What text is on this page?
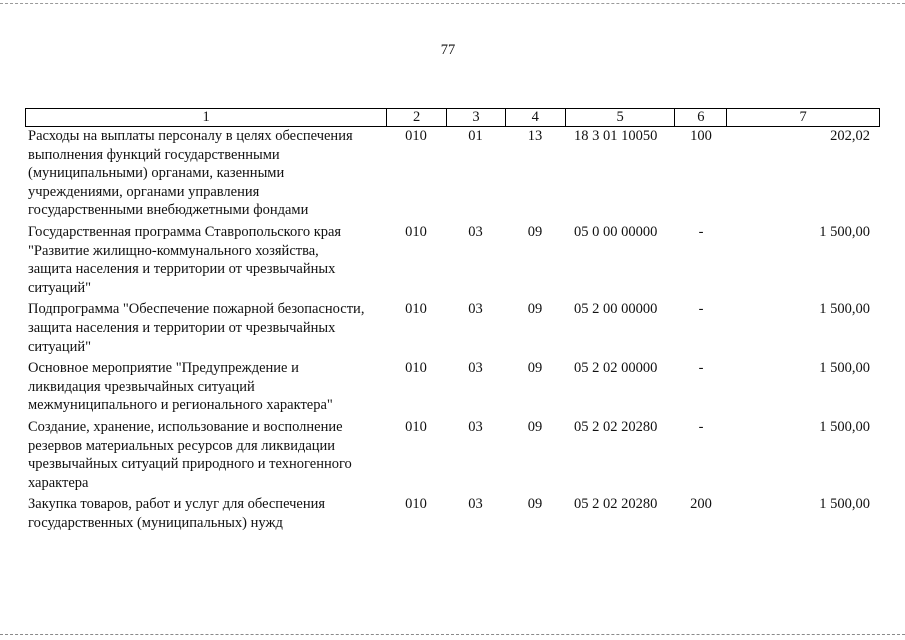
77
1	2	3	4	5	6	7
Расходы на выплаты персоналу в целях обеспечения
выполнения функций государственными
(муниципальными) органами, казенными
учреждениями, органами управления
государственными внебюджетными фондами
010	01	13	18 3 01 10050	100	202,02
Государственная программа Ставропольского края
"Развитие жилищно-коммунального хозяйства,
защита населения и территории от чрезвычайных
ситуаций"
010	03	09	05 0 00 00000	-	1 500,00
Подпрограмма "Обеспечение пожарной безопасности,
защита населения и территории от чрезвычайных
ситуаций"
010	03	09	05 2 00 00000	-	1 500,00
Основное мероприятие "Предупреждение и
ликвидация чрезвычайных ситуаций
межмуниципального и регионального характера"
010	03	09	05 2 02 00000	-	1 500,00
Создание, хранение, использование и восполнение
резервов материальных ресурсов для ликвидации
чрезвычайных ситуаций природного и техногенного
характера
010	03	09	05 2 02 20280	-	1 500,00
Закупка товаров, работ и услуг для обеспечения
государственных (муниципальных) нужд
010	03	09	05 2 02 20280	200	1 500,00
